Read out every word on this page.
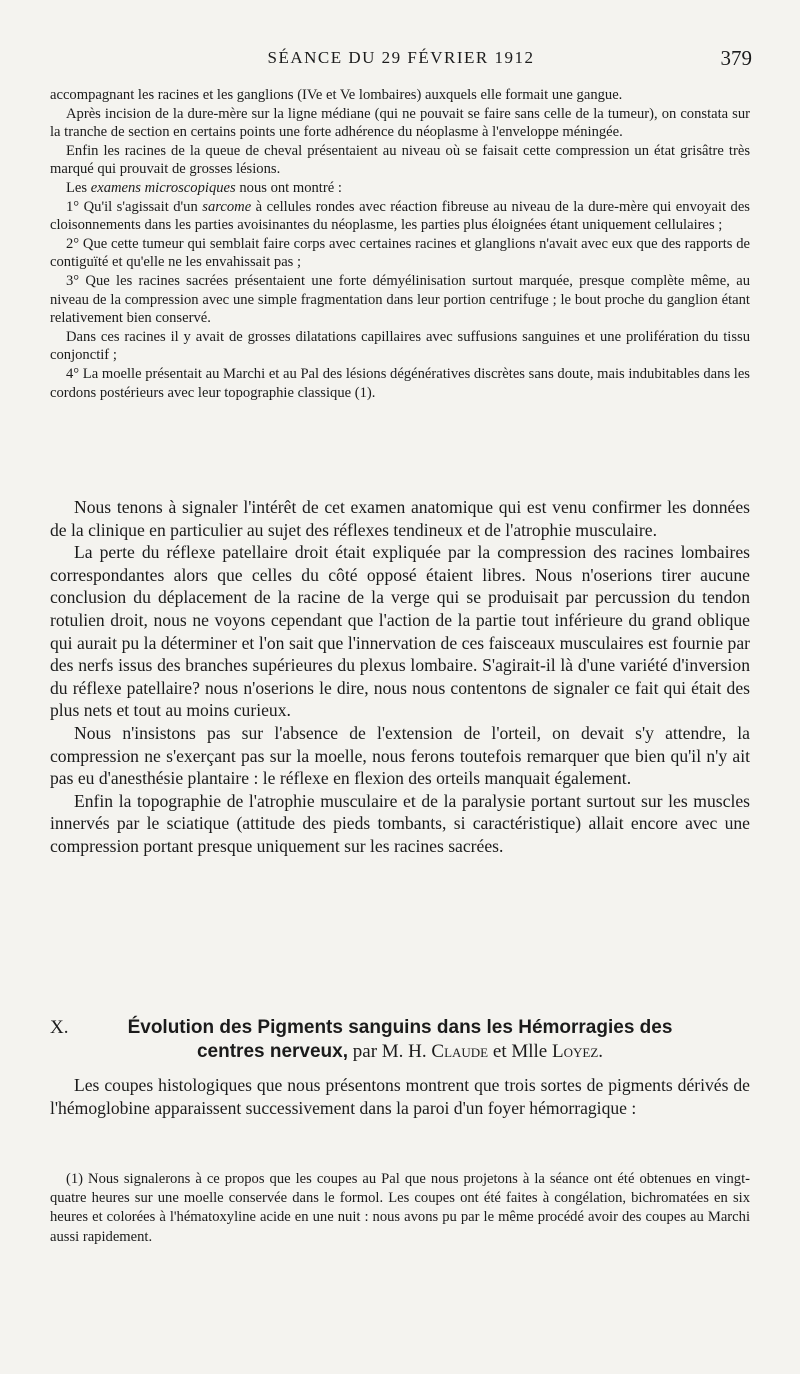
SÉANCE DU 29 FÉVRIER 1912	379

accompagnant les racines et les ganglions (IVe et Ve lombaires) auxquels elle formait une gangue.

Après incision de la dure-mère sur la ligne médiane (qui ne pouvait se faire sans celle de la tumeur), on constata sur la tranche de section en certains points une forte adhérence du néoplasme à l'enveloppe méningée.

Enfin les racines de la queue de cheval présentaient au niveau où se faisait cette compression un état grisâtre très marqué qui prouvait de grosses lésions.

Les examens microscopiques nous ont montré :

1° Qu'il s'agissait d'un sarcome à cellules rondes avec réaction fibreuse au niveau de la dure-mère qui envoyait des cloisonnements dans les parties avoisinantes du néoplasme, les parties plus éloignées étant uniquement cellulaires ;

2° Que cette tumeur qui semblait faire corps avec certaines racines et glanglions n'avait avec eux que des rapports de contiguïté et qu'elle ne les envahissait pas ;

3° Que les racines sacrées présentaient une forte démyélinisation surtout marquée, presque complète même, au niveau de la compression avec une simple fragmentation dans leur portion centrifuge ; le bout proche du ganglion étant relativement bien conservé.

Dans ces racines il y avait de grosses dilatations capillaires avec suffusions sanguines et une prolifération du tissu conjonctif ;

4° La moelle présentait au Marchi et au Pal des lésions dégénératives discrètes sans doute, mais indubitables dans les cordons postérieurs avec leur topographie classique (1).

Nous tenons à signaler l'intérêt de cet examen anatomique qui est venu confirmer les données de la clinique en particulier au sujet des réflexes tendineux et de l'atrophie musculaire.

La perte du réflexe patellaire droit était expliquée par la compression des racines lombaires correspondantes alors que celles du côté opposé étaient libres. Nous n'oserions tirer aucune conclusion du déplacement de la racine de la verge qui se produisait par percussion du tendon rotulien droit, nous ne voyons cependant que l'action de la partie tout inférieure du grand oblique qui aurait pu la déterminer et l'on sait que l'innervation de ces faisceaux musculaires est fournie par des nerfs issus des branches supérieures du plexus lombaire. S'agirait-il là d'une variété d'inversion du réflexe patellaire? nous n'oserions le dire, nous nous contentons de signaler ce fait qui était des plus nets et tout au moins curieux.

Nous n'insistons pas sur l'absence de l'extension de l'orteil, on devait s'y attendre, la compression ne s'exerçant pas sur la moelle, nous ferons toutefois remarquer que bien qu'il n'y ait pas eu d'anesthésie plantaire : le réflexe en flexion des orteils manquait également.

Enfin la topographie de l'atrophie musculaire et de la paralysie portant surtout sur les muscles innervés par le sciatique (attitude des pieds tombants, si caractéristique) allait encore avec une compression portant presque uniquement sur les racines sacrées.

X.	Évolution des Pigments sanguins dans les Hémorragies des
centres nerveux, par M. H. Claude et Mlle Loyez.

Les coupes histologiques que nous présentons montrent que trois sortes de pigments dérivés de l'hémoglobine apparaissent successivement dans la paroi d'un foyer hémorragique :

(1) Nous signalerons à ce propos que les coupes au Pal que nous projetons à la séance ont été obtenues en vingt-quatre heures sur une moelle conservée dans le formol. Les coupes ont été faites à congélation, bichromatées en six heures et colorées à l'hématoxyline acide en une nuit : nous avons pu par le même procédé avoir des coupes au Marchi aussi rapidement.
